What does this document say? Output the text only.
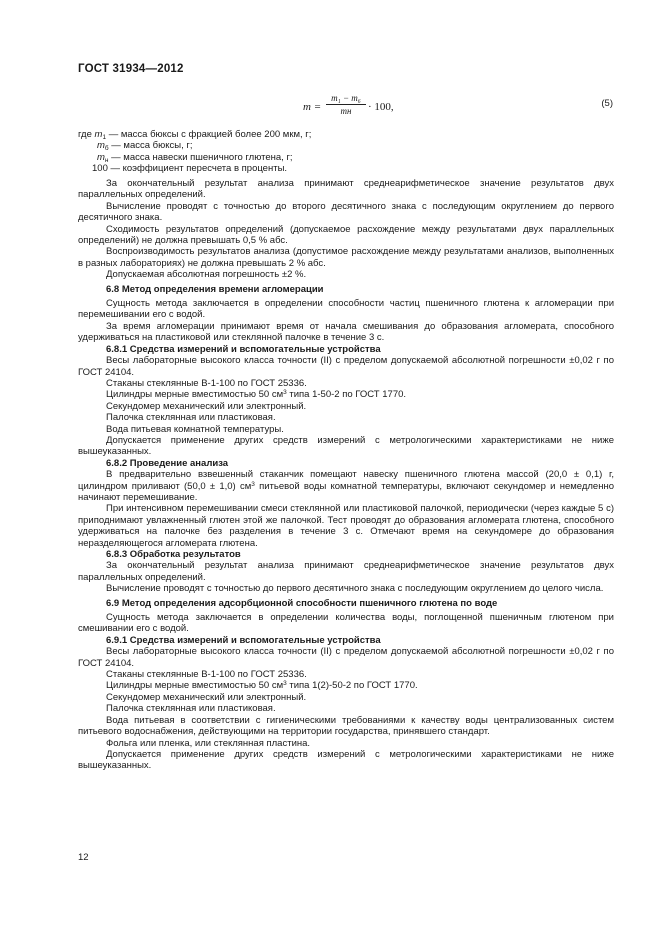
ГОСТ 31934—2012
m =
m₁ − m₆
mн	· 100,	(5)
где $m_1$ — масса бюксы с фракцией более 200 мкм, г;
$m_б$ — масса бюксы, г;
$m_н$ — масса навески пшеничного глютена, г;
100 — коэффициент пересчета в проценты.

За окончательный результат анализа принимают среднеарифметическое значение результатов двух параллельных определений.

Вычисление проводят с точностью до второго десятичного знака с последующим округлением до первого десятичного знака.

Сходимость результатов определений (допускаемое расхождение между результатами двух параллельных определений) не должна превышать 0,5 % абс.

Воспроизводимость результатов анализа (допустимое расхождение между результатами анализов, выполненных в разных лабораториях) не должна превышать 2 % абс.

Допускаемая абсолютная погрешность ±2 %.

6.8 Метод определения времени агломерации

Сущность метода заключается в определении способности частиц пшеничного глютена к агломерации при перемешивании его с водой.

За время агломерации принимают время от начала смешивания до образования агломерата, способного удерживаться на пластиковой или стеклянной палочке в течение 3 с.

6.8.1 Средства измерений и вспомогательные устройства

Весы лабораторные высокого класса точности (II) с пределом допускаемой абсолютной погрешности ±0,02 г по ГОСТ 24104.

Стаканы стеклянные В-1-100 по ГОСТ 25336.

Цилиндры мерные вместимостью 50 $см^3$ типа 1-50-2 по ГОСТ 1770.

Секундомер механический или электронный.

Палочка стеклянная или пластиковая.

Вода питьевая комнатной температуры.

Допускается применение других средств измерений с метрологическими характеристиками не ниже вышеуказанных.

6.8.2 Проведение анализа

В предварительно взвешенный стаканчик помещают навеску пшеничного глютена массой (20,0 ± 0,1) г, цилиндром приливают (50,0 ± 1,0) $см^3$ питьевой воды комнатной температуры, включают секундомер и немедленно начинают перемешивание.

При интенсивном перемешивании смеси стеклянной или пластиковой палочкой, периодически (через каждые 5 с) приподнимают увлажненный глютен этой же палочкой. Тест проводят до образования агломерата глютена, способного удерживаться на палочке без разделения в течение 3 с. Отмечают время на секундомере до образования неразделяющегося агломерата глютена.

6.8.3 Обработка результатов

За окончательный результат анализа принимают среднеарифметическое значение результатов двух параллельных определений.

Вычисление проводят с точностью до первого десятичного знака с последующим округлением до целого числа.

6.9 Метод определения адсорбционной способности пшеничного глютена по воде

Сущность метода заключается в определении количества воды, поглощенной пшеничным глютеном при смешивании его с водой.

6.9.1 Средства измерений и вспомогательные устройства

Весы лабораторные высокого класса точности (II) с пределом допускаемой абсолютной погрешности ±0,02 г по ГОСТ 24104.

Стаканы стеклянные В-1-100 по ГОСТ 25336.

Цилиндры мерные вместимостью 50 $см^3$ типа 1(2)-50-2 по ГОСТ 1770.

Секундомер механический или электронный.

Палочка стеклянная или пластиковая.

Вода питьевая в соответствии с гигиеническими требованиями к качеству воды централизованных систем питьевого водоснабжения, действующими на территории государства, принявшего стандарт.

Фольга или пленка, или стеклянная пластина.

Допускается применение других средств измерений с метрологическими характеристиками не ниже вышеуказанных.

12
